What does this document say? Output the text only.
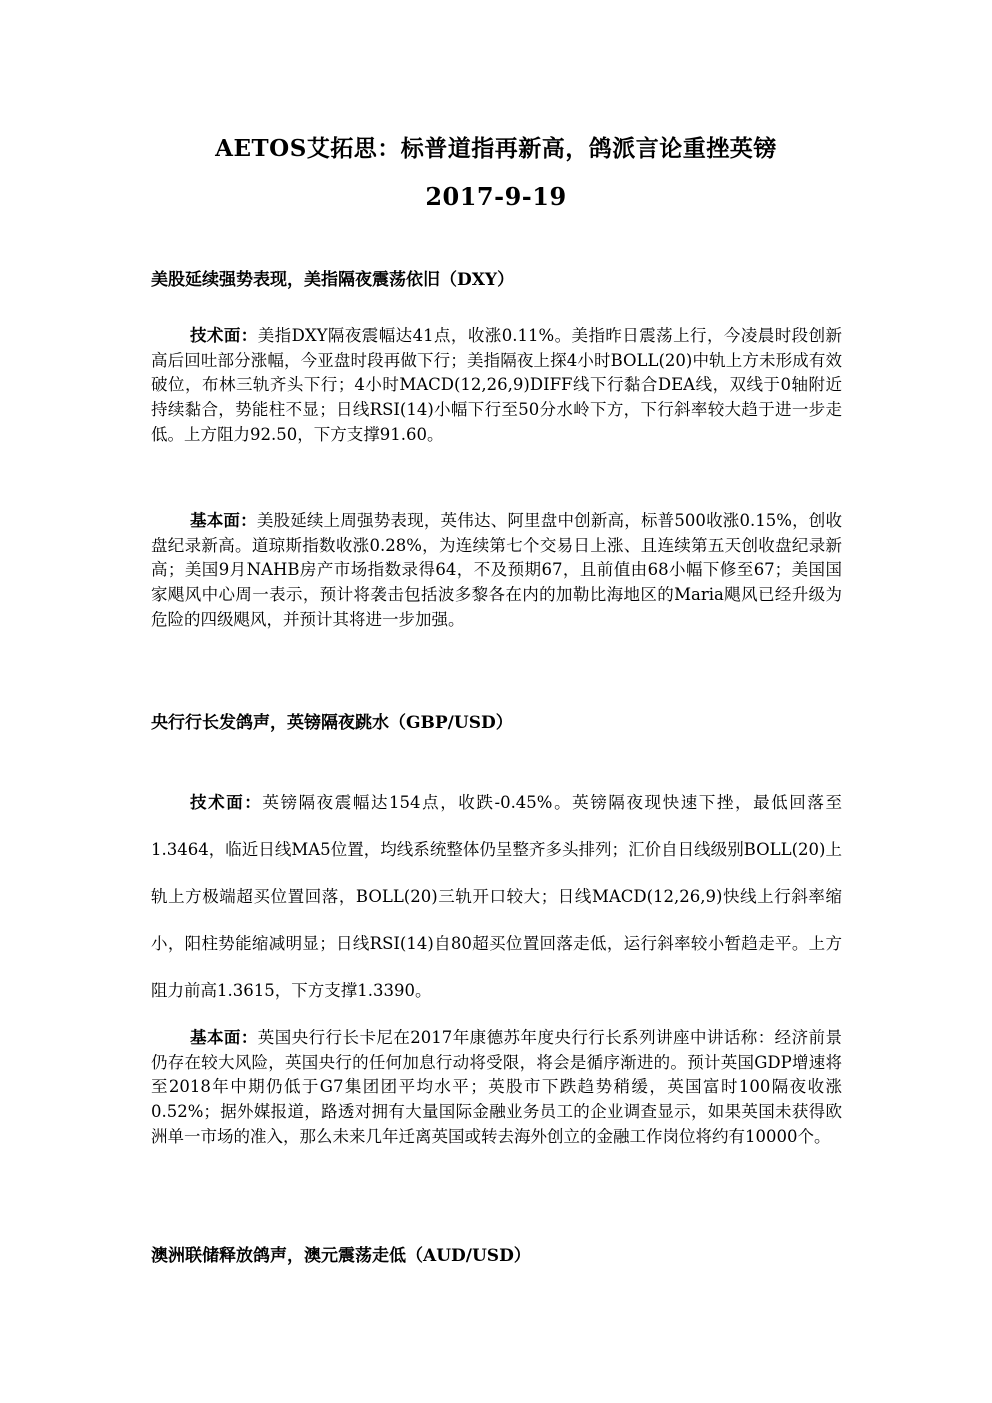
AETOS艾拓思：标普道指再新高，鸽派言论重挫英镑
2017-9-19
美股延续强势表现，美指隔夜震荡依旧（DXY）
技术面：美指DXY隔夜震幅达41点，收涨0.11%。美指昨日震荡上行，今凌晨时段创新高后回吐部分涨幅，今亚盘时段再做下行；美指隔夜上探4小时BOLL(20)中轨上方未形成有效破位，布林三轨齐头下行；4小时MACD(12,26,9)DIFF线下行黏合DEA线，双线于0轴附近持续黏合，势能柱不显；日线RSI(14)小幅下行至50分水岭下方，下行斜率较大趋于进一步走低。上方阻力92.50，下方支撑91.60。
基本面：美股延续上周强势表现，英伟达、阿里盘中创新高，标普500收涨0.15%，创收盘纪录新高。道琼斯指数收涨0.28%，为连续第七个交易日上涨、且连续第五天创收盘纪录新高；美国9月NAHB房产市场指数录得64，不及预期67，且前值由68小幅下修至67；美国国家飓风中心周一表示，预计将袭击包括波多黎各在内的加勒比海地区的Maria飓风已经升级为危险的四级飓风，并预计其将进一步加强。
央行行长发鸽声，英镑隔夜跳水（GBP/USD）
技术面：英镑隔夜震幅达154点，收跌-0.45%。英镑隔夜现快速下挫，最低回落至1.3464，临近日线MA5位置，均线系统整体仍呈整齐多头排列；汇价自日线级别BOLL(20)上轨上方极端超买位置回落，BOLL(20)三轨开口较大；日线MACD(12,26,9)快线上行斜率缩小，阳柱势能缩减明显；日线RSI(14)自80超买位置回落走低，运行斜率较小暂趋走平。上方阻力前高1.3615，下方支撑1.3390。
基本面：英国央行行长卡尼在2017年康德苏年度央行行长系列讲座中讲话称：经济前景仍存在较大风险，英国央行的任何加息行动将受限，将会是循序渐进的。预计英国GDP增速将至2018年中期仍低于G7集团团平均水平；英股市下跌趋势稍缓，英国富时100隔夜收涨0.52%；据外媒报道，路透对拥有大量国际金融业务员工的企业调查显示，如果英国未获得欧洲单一市场的准入，那么未来几年迁离英国或转去海外创立的金融工作岗位将约有10000个。
澳洲联储释放鸽声，澳元震荡走低（AUD/USD）
